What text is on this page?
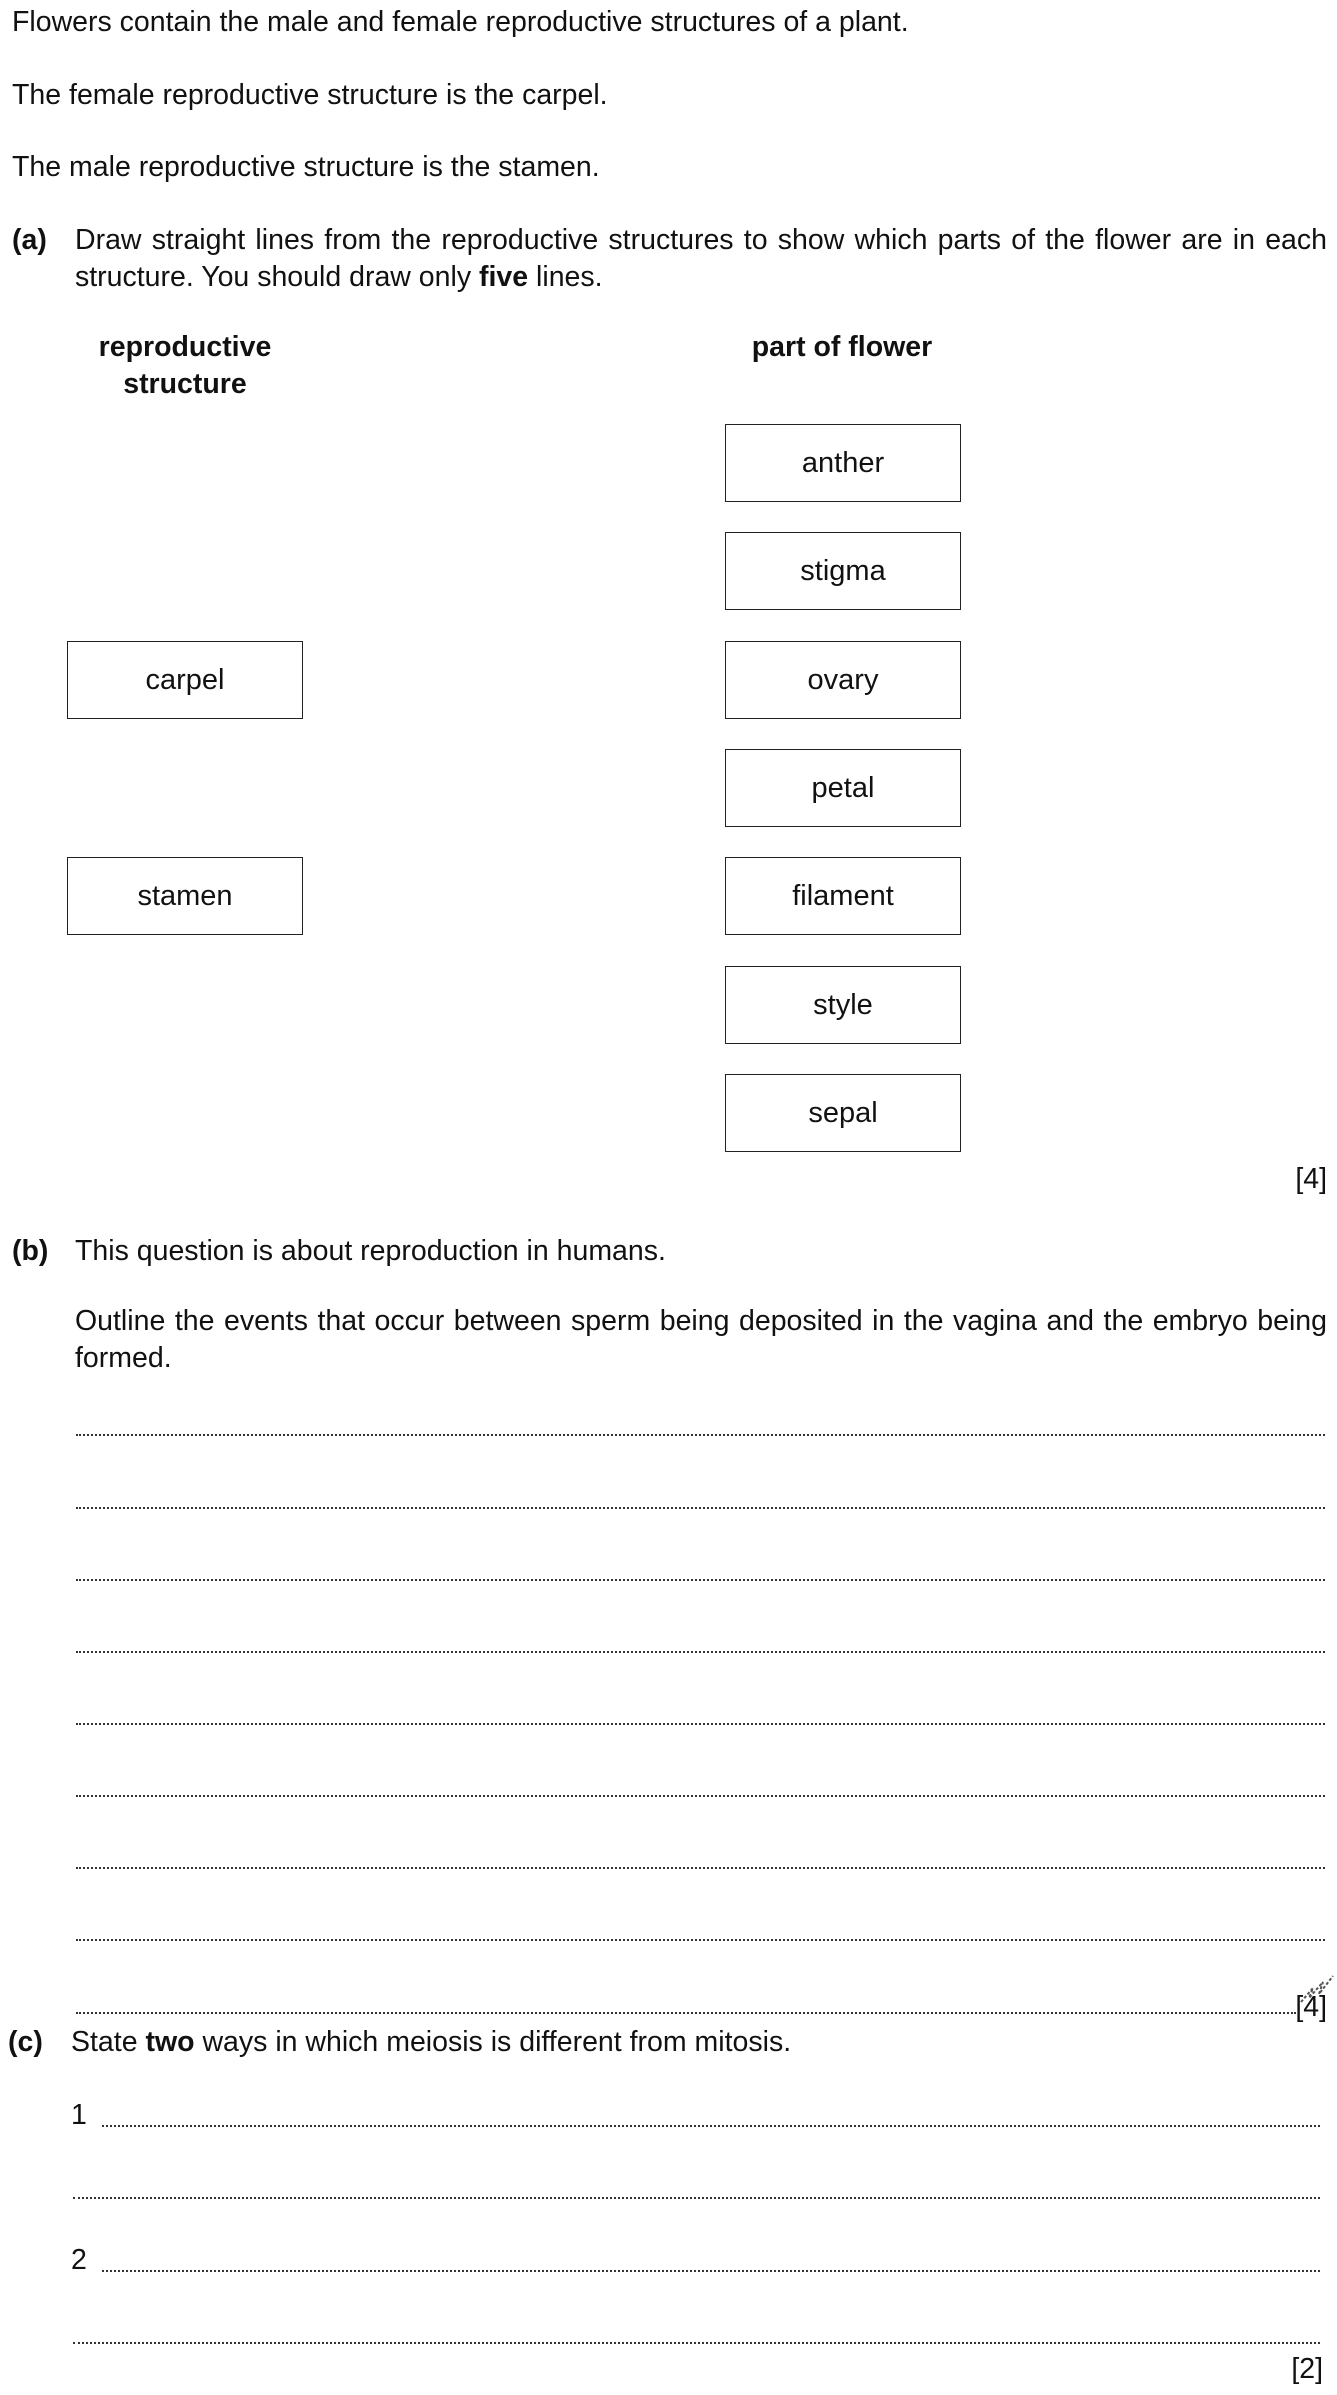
Flowers contain the male and female reproductive structures of a plant.
The female reproductive structure is the carpel.
The male reproductive structure is the stamen.
(a) Draw straight lines from the reproductive structures to show which parts of the flower are in each structure. You should draw only five lines.
reproductive structure
part of flower
carpel
stamen
anther
stigma
ovary
petal
filament
style
sepal
[4]
(b) This question is about reproduction in humans.
Outline the events that occur between sperm being deposited in the vagina and the embryo being formed.
[4]
(c) State two ways in which meiosis is different from mitosis.
1
2
[2]
